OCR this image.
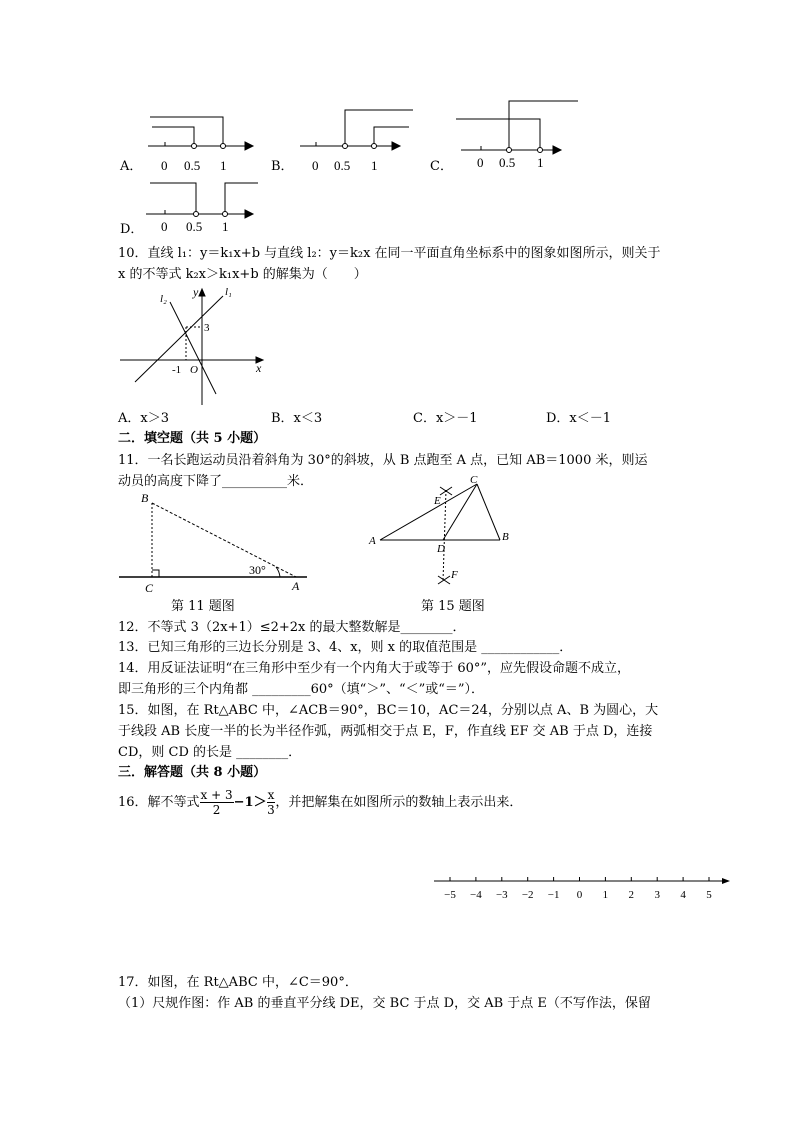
A． 0 0.5 1	0 0.5 1	0 0.5 1
0 0.5 1
B．	C．
D．
10．直线 l₁：y＝k₁x+b 与直线 l₂：y＝k₂x 在同一平面直角坐标系中的图象如图所示，则关于
x 的不等式 k₂x＞k₁x+b 的解集为（　　）
l₂ y l₁
3
-1 O	x
A．x＞3	B．x＜3	C．x＞－1	D．x＜－1
二．填空题（共 5 小题）
11．一名长跑运动员沿着斜角为 30°的斜坡，从 B 点跑至 A 点，已知 AB＝1000 米，则运
动员的高度下降了__________米．
B
C
30°
A
第 11 题图
C
E
A
D
B
F
第 15 题图
12．不等式 3（2x+1）≤2+2x 的最大整数解是________．
13．已知三角形的三边长分别是 3、4、x，则 x 的取值范围是 ____________．
14．用反证法证明“在三角形中至少有一个内角大于或等于 60°”，应先假设命题不成立，
即三角形的三个内角都 _________60°（填“＞”、“＜”或“＝”）．
15．如图，在 Rt△ABC 中，∠ACB＝90°，BC＝10，AC＝24，分别以点 A、B 为圆心，大
于线段 AB 长度一半的长为半径作弧，两弧相交于点 E，F，作直线 EF 交 AB 于点 D，连接
CD，则 CD 的长是 ________．
三．解答题（共 8 小题）
16．解不等式 $\frac{x + 3}{2} -1> \frac{x}{3}$ ，并把解集在如图所示的数轴上表示出来．
−5 −4 −3 −2 −1 0 1 2 3 4 5
17．如图，在 Rt△ABC 中，∠C＝90°．
（1）尺规作图：作 AB 的垂直平分线 DE，交 BC 于点 D，交 AB 于点 E（不写作法，保留
